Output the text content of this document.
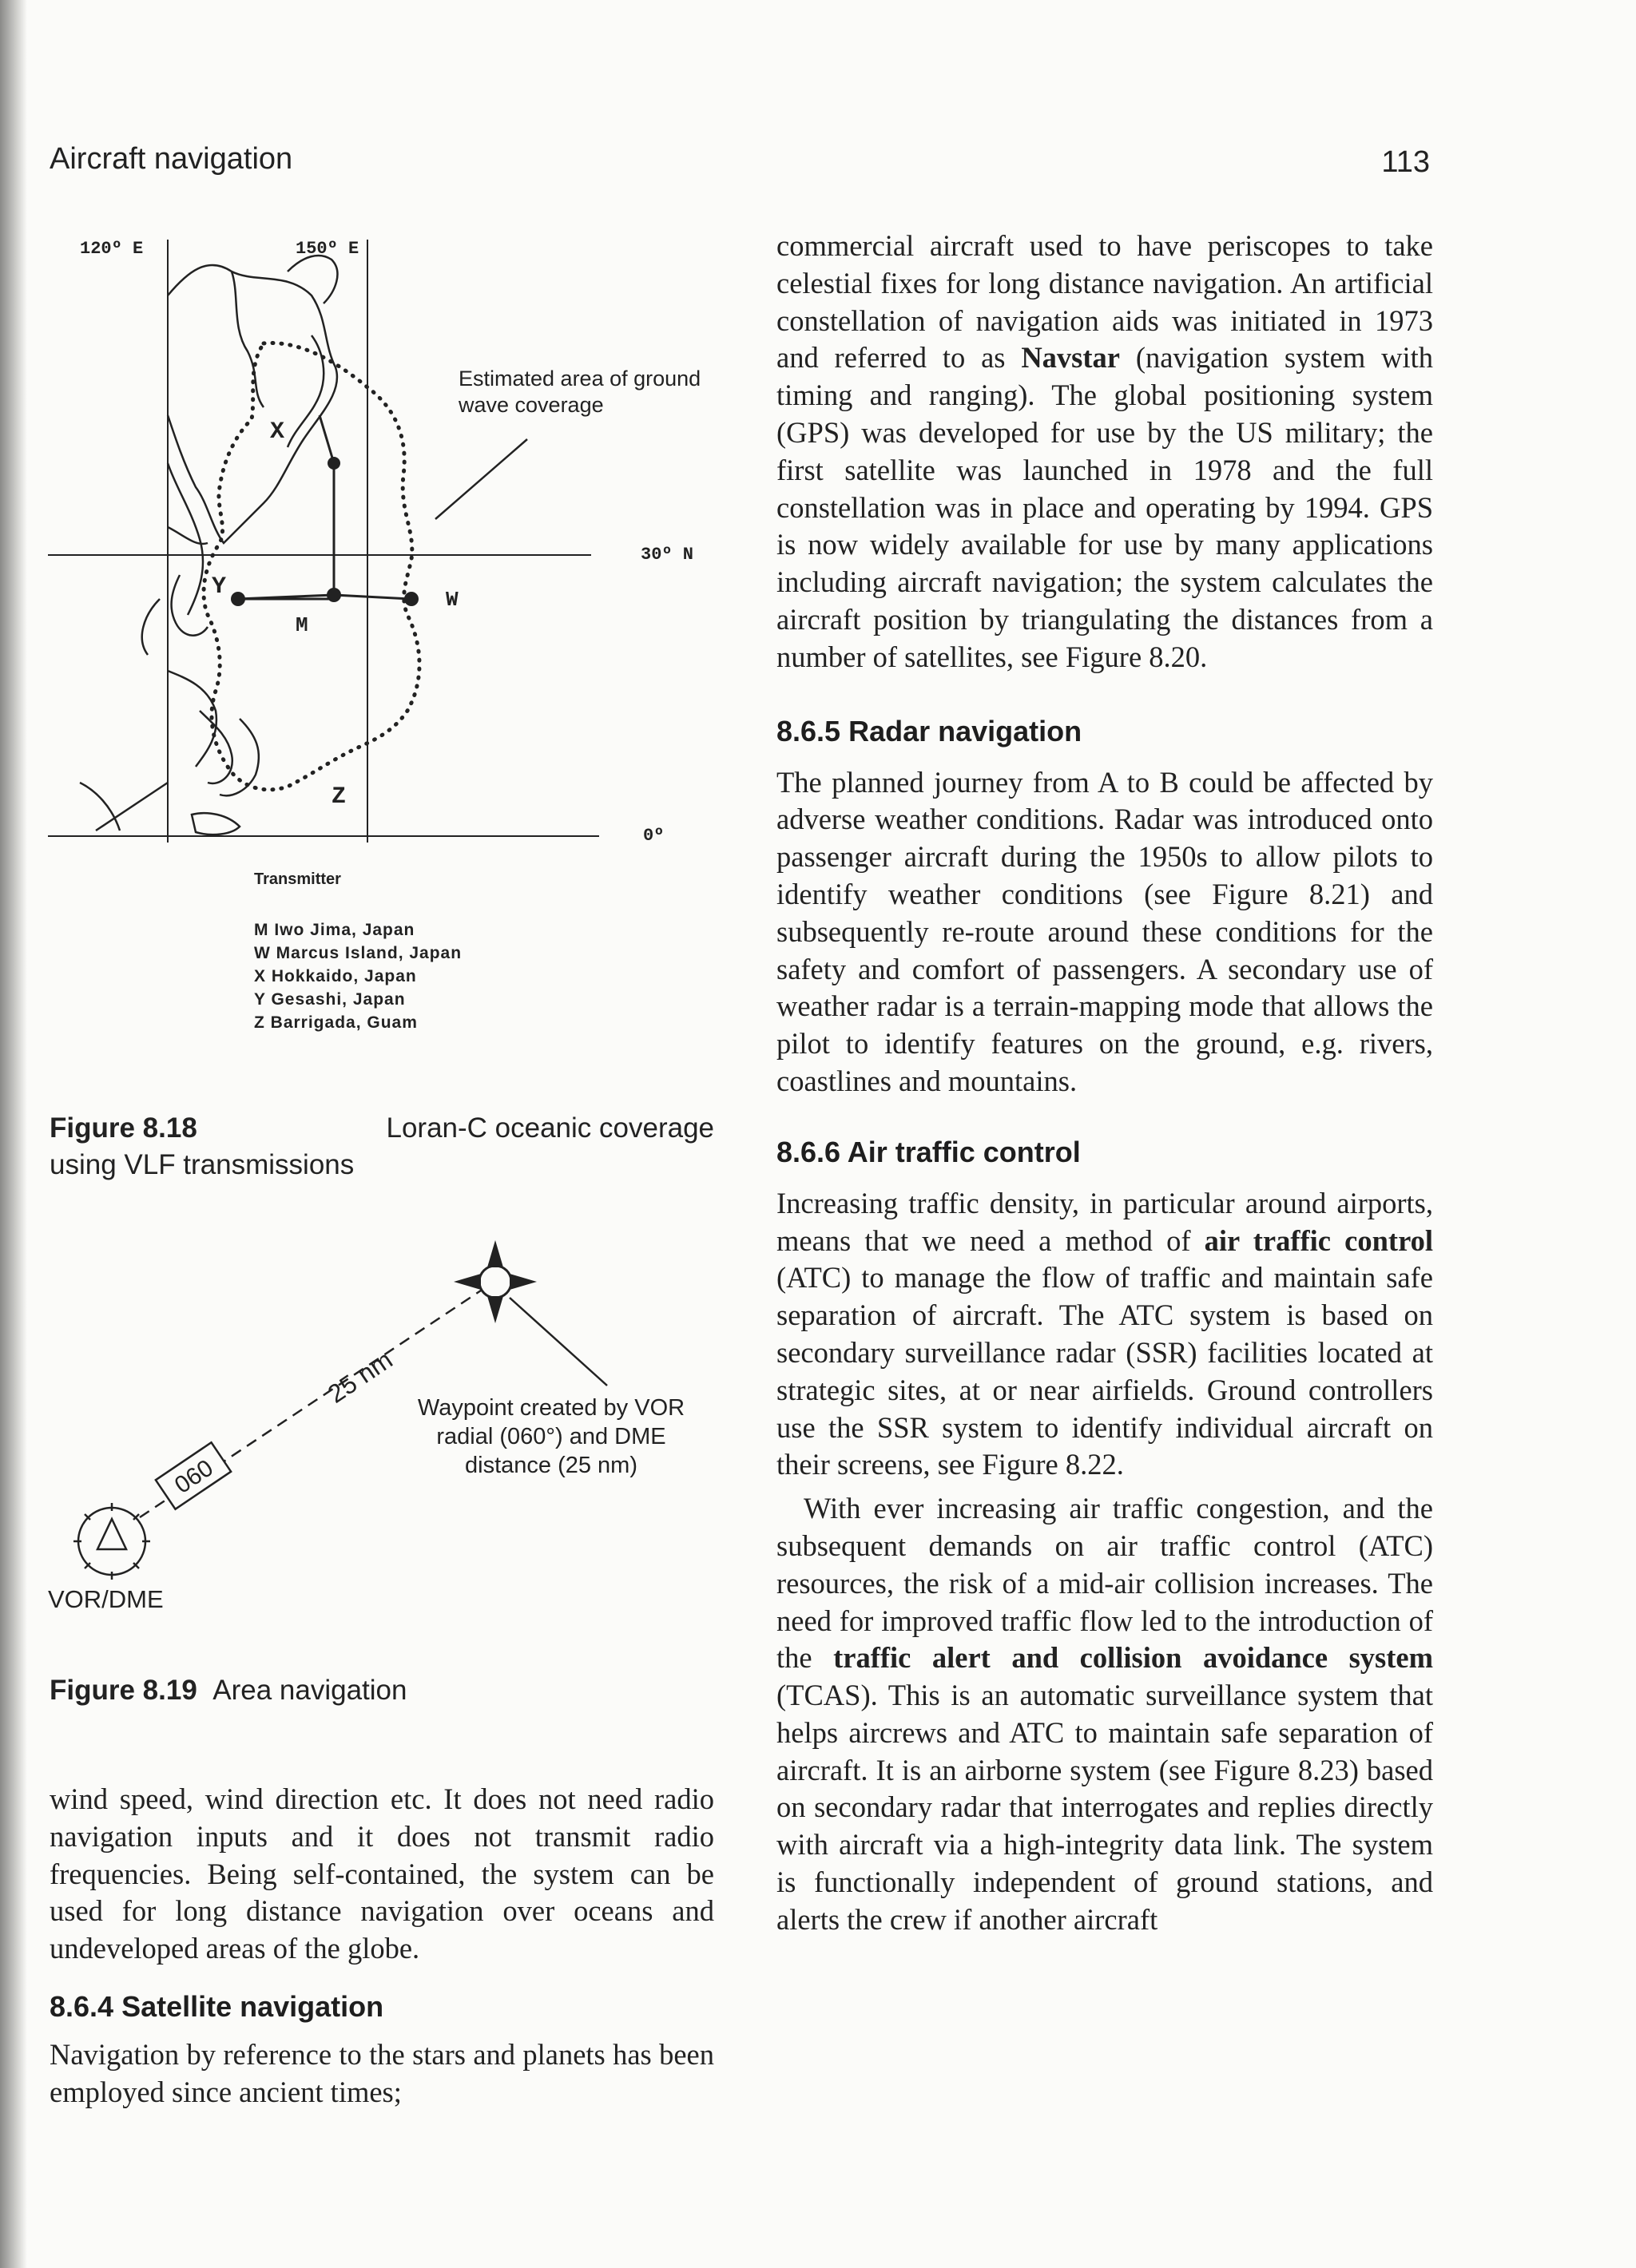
Aircraft navigation	113
120º E	150º E
30º N
0º
X
Y
M
W
Z
Estimated area of ground wave coverage
Transmitter
M Iwo Jima, Japan
W Marcus Island, Japan
X Hokkaido, Japan
Y Gesashi, Japan
Z Barrigada, Guam
Figure 8.18	Loran-C oceanic coverage
using VLF transmissions
060
25 nm Waypoint created by VOR radial (060°) and DME distance (25 nm)
VOR/DME
Figure 8.19 Area navigation

wind speed, wind direction etc. It does not need radio navigation inputs and it does not transmit radio frequencies. Being self-contained, the system can be used for long distance navigation over oceans and undeveloped areas of the globe.

8.6.4 Satellite navigation

Navigation by reference to the stars and planets has been employed since ancient times;

commercial aircraft used to have periscopes to take celestial fixes for long distance navigation. An artificial constellation of navigation aids was initiated in 1973 and referred to as Navstar (navigation system with timing and ranging). The global positioning system (GPS) was developed for use by the US military; the first satellite was launched in 1978 and the full constellation was in place and operating by 1994. GPS is now widely available for use by many applications including aircraft navigation; the system calculates the aircraft position by triangulating the distances from a number of satellites, see Figure 8.20.

8.6.5 Radar navigation

The planned journey from A to B could be affected by adverse weather conditions. Radar was introduced onto passenger aircraft during the 1950s to allow pilots to identify weather conditions (see Figure 8.21) and subsequently re-route around these conditions for the safety and comfort of passengers. A secondary use of weather radar is a terrain-mapping mode that allows the pilot to identify features on the ground, e.g. rivers, coastlines and mountains.

8.6.6 Air traffic control

Increasing traffic density, in particular around airports, means that we need a method of air traffic control (ATC) to manage the flow of traffic and maintain safe separation of aircraft. The ATC system is based on secondary surveillance radar (SSR) facilities located at strategic sites, at or near airfields. Ground controllers use the SSR system to identify individual aircraft on their screens, see Figure 8.22.

With ever increasing air traffic congestion, and the subsequent demands on air traffic control (ATC) resources, the risk of a mid-air collision increases. The need for improved traffic flow led to the introduction of the traffic alert and collision avoidance system (TCAS). This is an automatic surveillance system that helps aircrews and ATC to maintain safe separation of aircraft. It is an airborne system (see Figure 8.23) based on secondary radar that interrogates and replies directly with aircraft via a high-integrity data link. The system is functionally independent of ground stations, and alerts the crew if another aircraft
